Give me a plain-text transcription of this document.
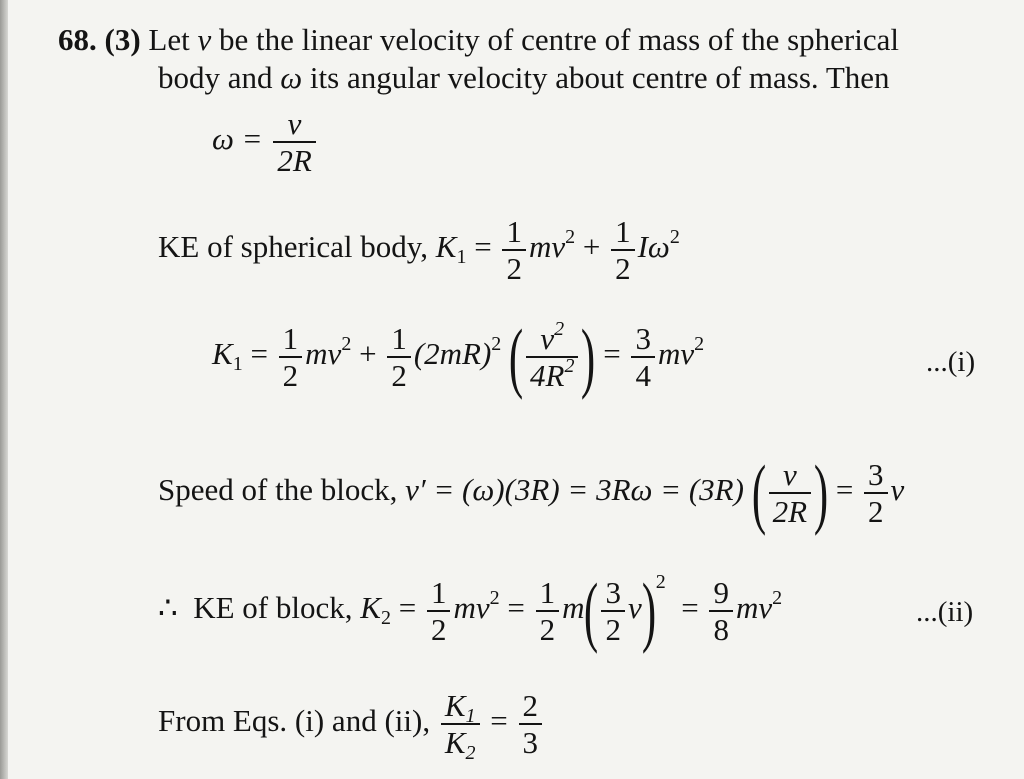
68. (3) Let v be the linear velocity of centre of mass of the spherical
body and ω its angular velocity about centre of mass. Then
$\omega = \frac{v}{2R}$
KE of spherical body, $K_1 = \frac{1}{2} mv^2 + \frac{1}{2} I\omega^2$
$K_1 = \frac{1}{2} mv^2 + \frac{1}{2} (2mR)^2$ ( $\frac{v^2}{4R^2}$ ) = $\frac{3}{4} mv^2$
...(i)
Speed of the block, v′ = (ω)(3R) = 3Rω = (3R) ( $\frac{v}{2R}$ ) = $\frac{3}{2}$ v
∴ KE of block, $K_2 = \frac{1}{2} mv^2 = \frac{1}{2} m( \frac{3}{2} v)^2 = \frac{9}{8} mv^2$	...(ii)
From Eqs. (i) and (ii), $\frac{K_1}{K_2} = \frac{2}{3}$
